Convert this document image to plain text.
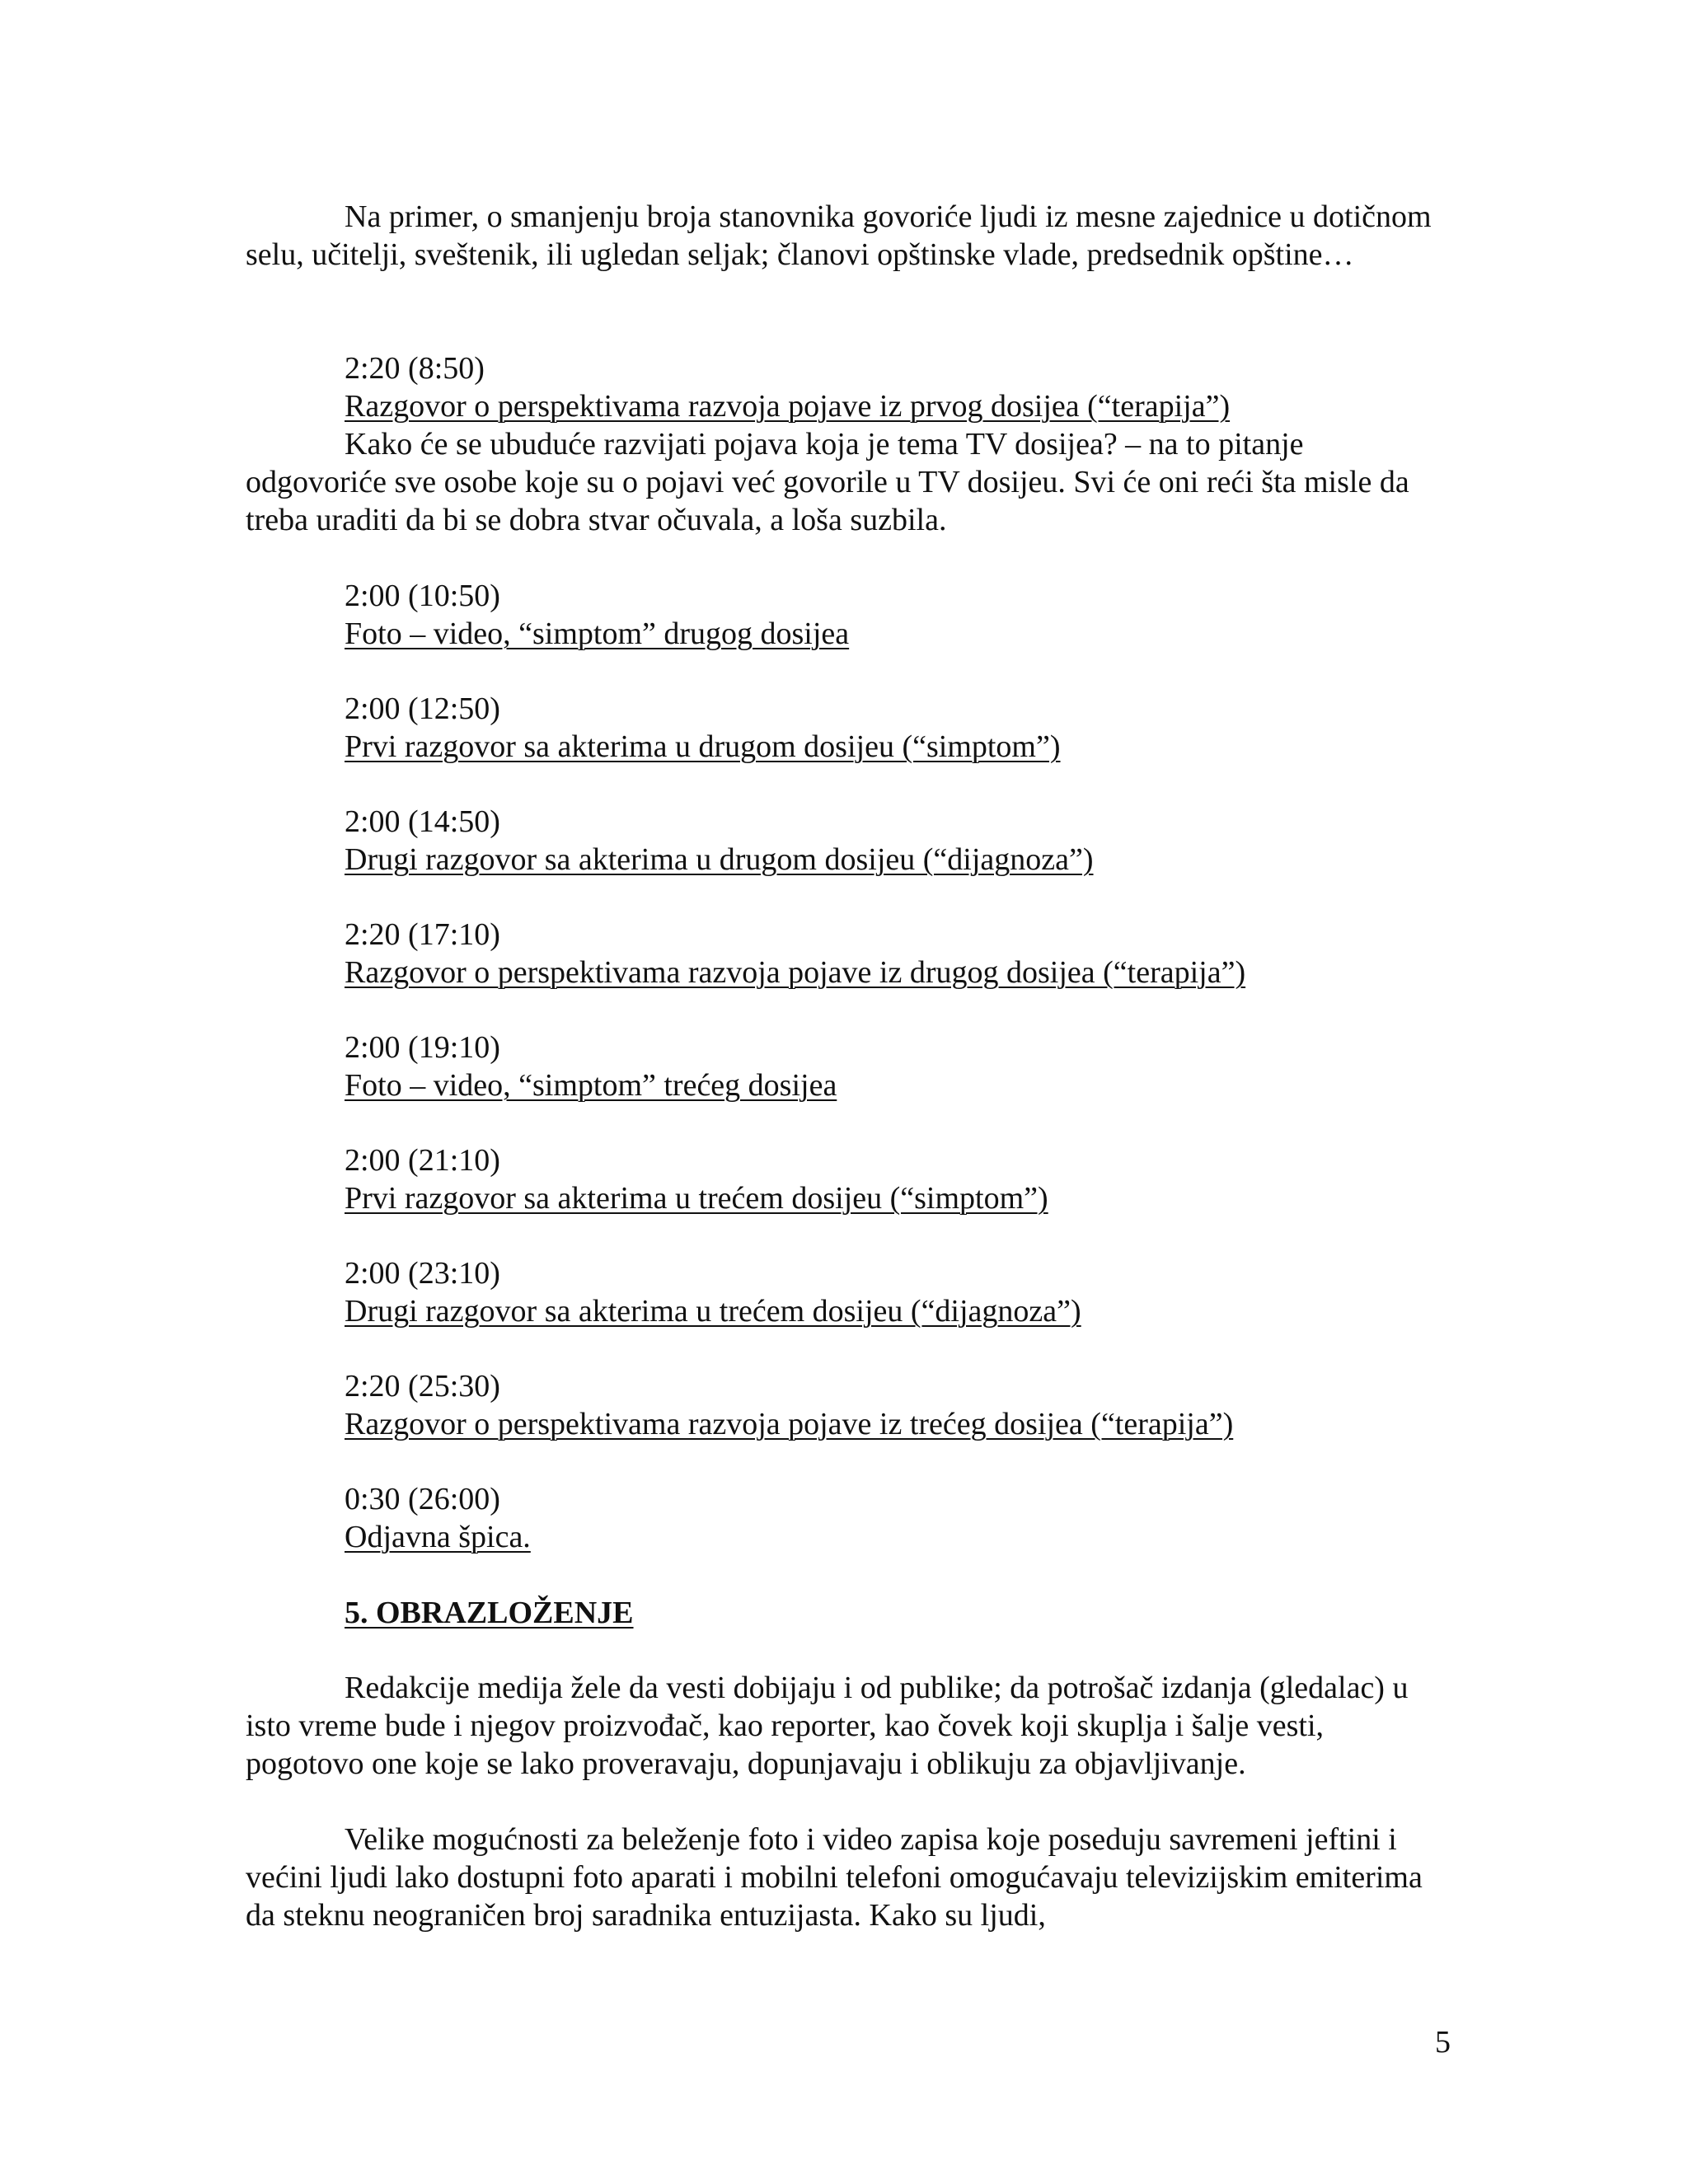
Na primer, o smanjenju broja stanovnika govoriće ljudi iz mesne zajednice u dotičnom selu, učitelji, sveštenik, ili ugledan seljak; članovi opštinske vlade, predsednik opštine…

2:20 (8:50)
Razgovor o perspektivama razvoja pojave iz prvog dosijea (“terapija”)

Kako će se ubuduće razvijati pojava koja je tema TV dosijea? – na to pitanje odgovoriće sve osobe koje su o pojavi već govorile u TV dosijeu. Svi će oni reći šta misle da treba uraditi da bi se dobra stvar očuvala, a loša suzbila.

2:00 (10:50)
Foto – video, “simptom” drugog dosijea
2:00 (12:50)
Prvi razgovor sa akterima u drugom dosijeu (“simptom”)
2:00 (14:50)
Drugi razgovor sa akterima u drugom dosijeu (“dijagnoza”)
2:20 (17:10)
Razgovor o perspektivama razvoja pojave iz drugog dosijea (“terapija”)
2:00 (19:10)
Foto – video, “simptom” trećeg dosijea
2:00 (21:10)
Prvi razgovor sa akterima u trećem dosijeu (“simptom”)
2:00 (23:10)
Drugi razgovor sa akterima u trećem dosijeu (“dijagnoza”)
2:20 (25:30)
Razgovor o perspektivama razvoja pojave iz trećeg dosijea (“terapija”)
0:30 (26:00)
Odjavna špica.
5. OBRAZLOŽENJE

Redakcije medija žele da vesti dobijaju i od publike; da potrošač izdanja (gledalac) u isto vreme bude i njegov proizvođač, kao reporter, kao čovek koji skuplja i šalje vesti, pogotovo one koje se lako proveravaju, dopunjavaju i oblikuju za objavljivanje.

Velike mogućnosti za beleženje foto i video zapisa koje poseduju savremeni jeftini i većini ljudi lako dostupni foto aparati i mobilni telefoni omogućavaju televizijskim emiterima da steknu neograničen broj saradnika entuzijasta. Kako su ljudi,

5
